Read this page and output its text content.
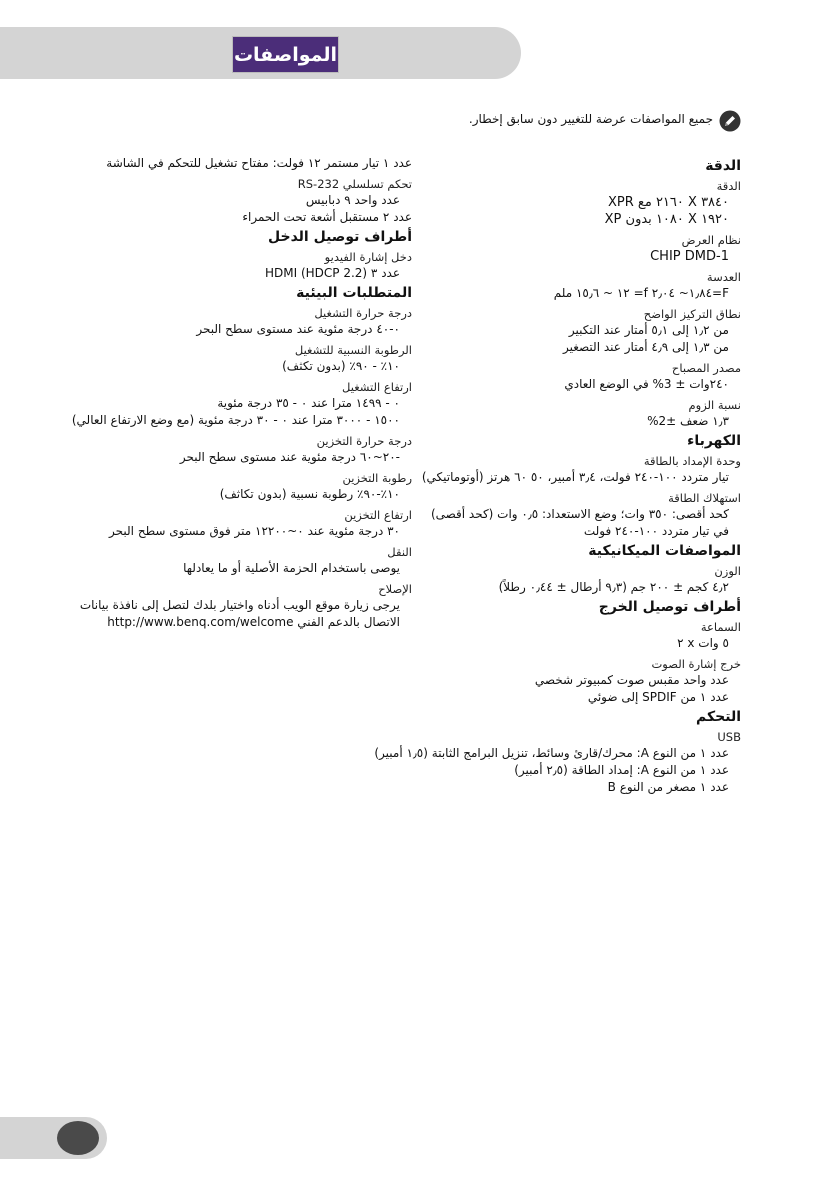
المواصفات
جميع المواصفات عرضة للتغيير دون سابق إخطار.
الدقة
الدقة
٣٨٤٠ X ٢١٦٠ مع XPR
١٩٢٠ X ١٠٨٠ بدون XP
نظام العرض
1-CHIP DMD
العدسة
F=١٫٨٤~ ٢٫٠٤ f= ١٢ ~ ١٥٫٦ ملم
نطاق التركيز الواضح
من ١٫٢ إلى ٥٫١ أمتار عند التكبير
من ١٫٣ إلى ٤٫٩ أمتار عند التصغير
مصدر المصباح
٢٤٠وات ± 3% في الوضع العادي
نسبة الزوم
١٫٣ ضعف ±2%
الكهرباء
وحدة الإمداد بالطاقة
تيار متردد ١٠٠-٢٤٠ فولت، ٣٫٤ أمبير، ٥٠ ٦٠ هرتز (أوتوماتيكي)
استهلاك الطاقة
كحد أقصى: ٣٥٠ وات؛ وضع الاستعداد: ٠٫٥ وات (كحد أقصى)
في تيار متردد ١٠٠-٢٤٠ فولت
المواصفات الميكانيكية
الوزن
٤٫٢ كجم ± ٢٠٠ جم (٩٫٣ أرطال ± ٠٫٤٤ رطلاً)
أطراف توصيل الخرج
السماعة
٥ وات x ٢
خرج إشارة الصوت
عدد واحد مقبس صوت كمبيوتر شخصي
عدد ١ من SPDIF إلى ضوئي
التحكم
USB
عدد ١ من النوع A: محرك/قارئ وسائط، تنزيل البرامج الثابتة (١٫٥ أمبير)
عدد ١ من النوع A: إمداد الطاقة (٢٫٥ أمبير)
عدد ١ مصغر من النوع B
عدد ١ تيار مستمر ١٢ فولت: مفتاح تشغيل للتحكم في الشاشة
تحكم تسلسلي RS-232
عدد واحد ٩ دبابيس
عدد ٢ مستقبل أشعة تحت الحمراء
أطراف توصيل الدخل
دخل إشارة الفيديو
عدد ٣ HDMI (HDCP 2.2)
المتطلبات البيئية
درجة حرارة التشغيل
٠-٤٠ درجة مئوية عند مستوى سطح البحر
الرطوبة النسبية للتشغيل
١٠٪ - ٩٠٪ (بدون تكثف)
ارتفاع التشغيل
٠ - ١٤٩٩ مترا عند ٠ - ٣٥ درجة مئوية
١٥٠٠ - ٣٠٠٠ مترا عند ٠ - ٣٠ درجة مئوية (مع وضع الارتفاع العالي)
درجة حرارة التخزين
-٢٠~٦٠ درجة مئوية عند مستوى سطح البحر
رطوبة التخزين
١٠٪-٩٠٪ رطوبة نسبية (بدون تكاثف)
ارتفاع التخزين
٣٠ درجة مئوية عند ٠~١٢٢٠٠ متر فوق مستوى سطح البحر
النقل
يوصى باستخدام الحزمة الأصلية أو ما يعادلها
الإصلاح
يرجى زيارة موقع الويب أدناه واختيار بلدك لتصل إلى نافذة بيانات الاتصال بالدعم الفني http://www.benq.com/welcome
